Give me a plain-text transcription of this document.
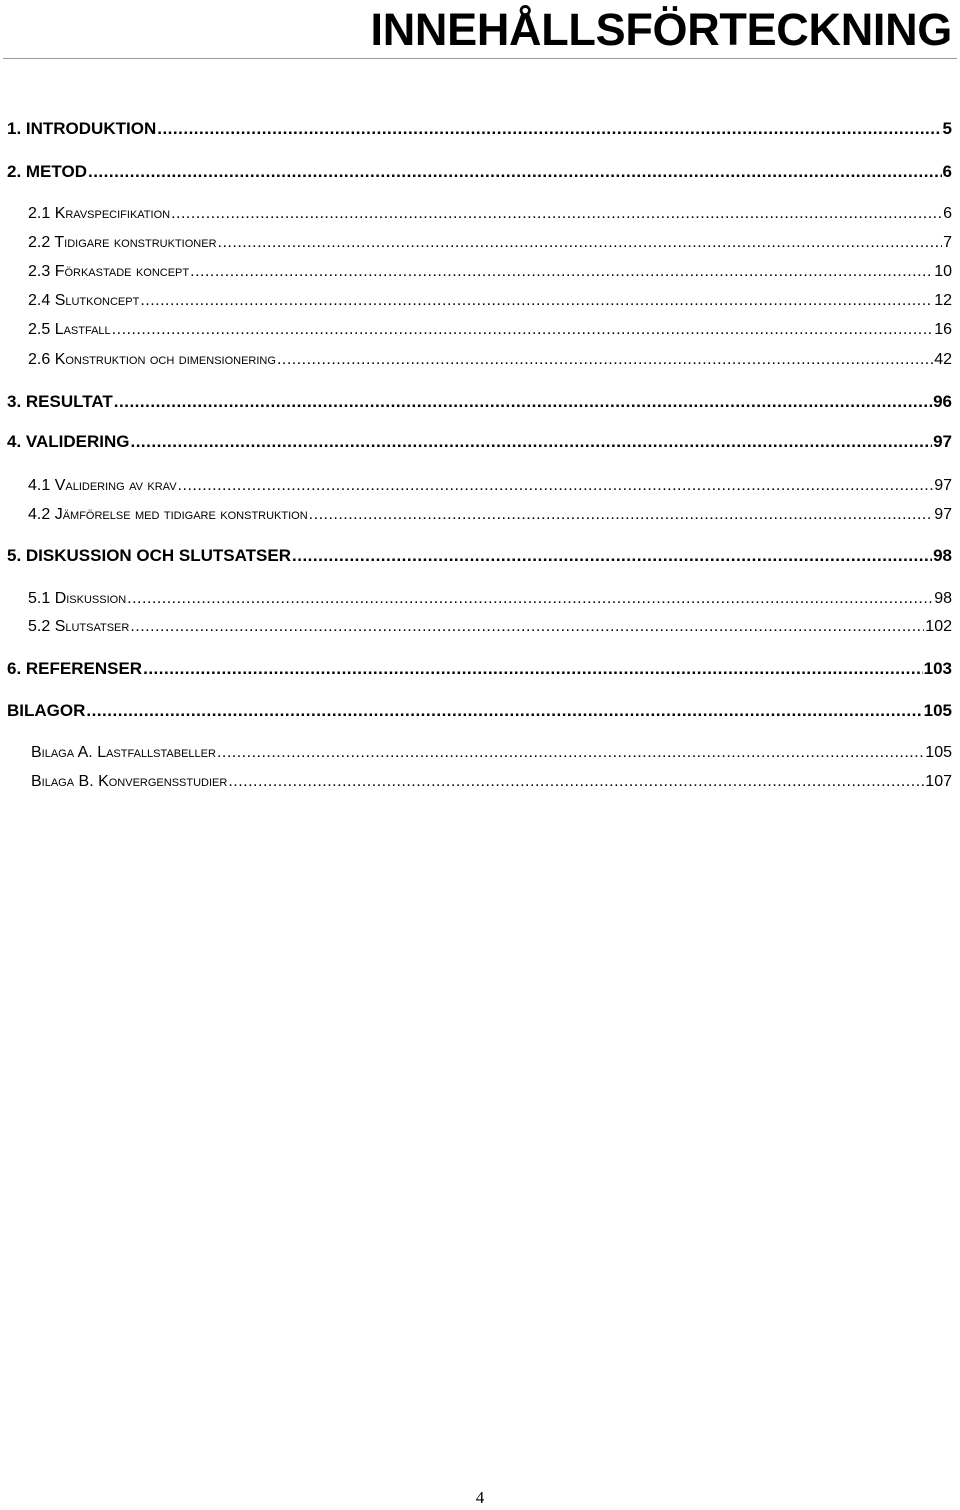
INNEHÅLLSFÖRTECKNING
1. INTRODUKTION .....	5
2. METOD .....	6
2.1 Kravspecifikation .....	6
2.2 Tidigare konstruktioner .....	7
2.3 Förkastade koncept .....	10
2.4 Slutkoncept .....	12
2.5 Lastfall .....	16
2.6 Konstruktion och dimensionering .....	42
3. RESULTAT .....	96
4. VALIDERING .....	97
4.1 Validering av krav .....	97
4.2 Jämförelse med tidigare konstruktion .....	97
5. DISKUSSION OCH SLUTSATSER .....	98
5.1 Diskussion .....	98
5.2 Slutsatser .....	102
6. REFERENSER .....	103
BILAGOR .....	105
Bilaga A. Lastfallstabeller .....	105
Bilaga B. Konvergensstudier .....	107
4
